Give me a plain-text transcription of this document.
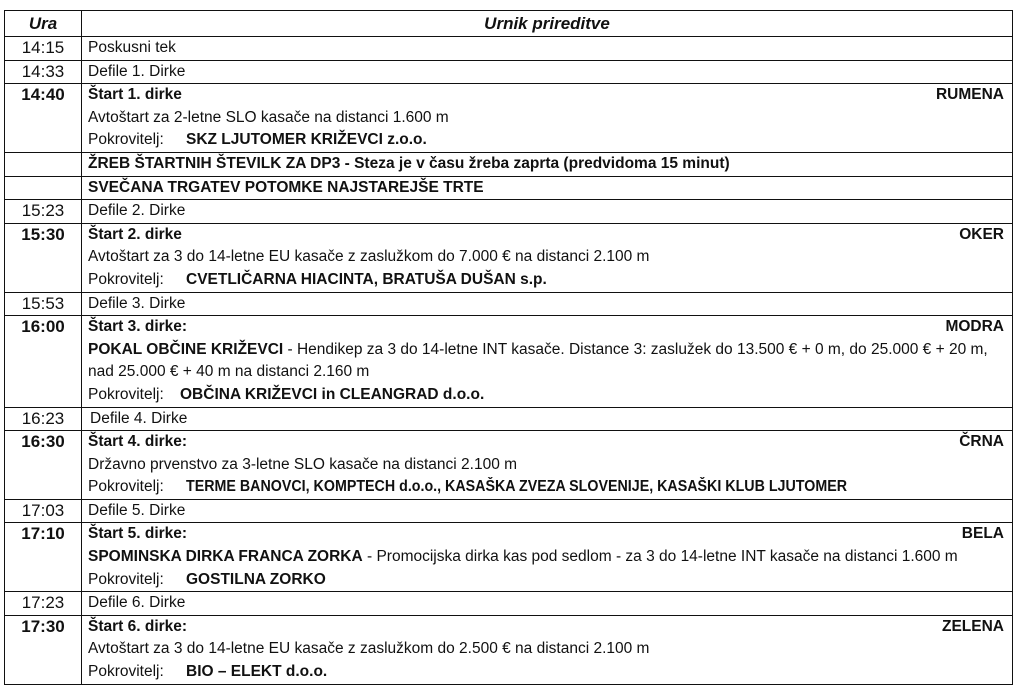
Ura	Urnik prireditve
14:15	Poskusni tek
14:33	Defile 1. Dirke
14:40	Štart 1. dirke RUMENA
Avtoštart za 2-letne SLO kasače na distanci 1.600 m
Pokrovitelj: SKZ LJUTOMER KRIŽEVCI z.o.o.

	ŽREB ŠTARTNIH ŠTEVILK ZA DP3 - Steza je v času žreba zaprta (predvidoma 15 minut)
	SVEČANA TRGATEV POTOMKE NAJSTAREJŠE TRTE
15:23	Defile 2. Dirke
15:30	Štart 2. dirke OKER
Avtoštart za 3 do 14-letne EU kasače z zaslužkom do 7.000 € na distanci 2.100 m
Pokrovitelj: CVETLIČARNA HIACINTA, BRATUŠA DUŠAN s.p.

15:53	Defile 3. Dirke
16:00	Štart 3. dirke: MODRA
POKAL OBČINE KRIŽEVCI - Hendikep za 3 do 14-letne INT kasače. Distance 3: zaslužek do 13.500 € + 0 m, do 25.000 € + 20 m,
nad 25.000 € + 40 m na distanci 2.160 m
Pokrovitelj: OBČINA KRIŽEVCI in CLEANGRAD d.o.o.

16:23	Defile 4. Dirke
16:30	Štart 4. dirke: ČRNA
Državno prvenstvo za 3-letne SLO kasače na distanci 2.100 m
Pokrovitelj: TERME BANOVCI, KOMPTECH d.o.o., KASAŠKA ZVEZA SLOVENIJE, KASAŠKI KLUB LJUTOMER

17:03	Defile 5. Dirke
17:10	Štart 5. dirke: BELA
SPOMINSKA DIRKA FRANCA ZORKA - Promocijska dirka kas pod sedlom - za 3 do 14-letne INT kasače na distanci 1.600 m
Pokrovitelj: GOSTILNA ZORKO

17:23	Defile 6. Dirke
17:30	Štart 6. dirke: ZELENA
Avtoštart za 3 do 14-letne EU kasače z zaslužkom do 2.500 € na distanci 2.100 m
Pokrovitelj: BIO – ELEKT d.o.o.
